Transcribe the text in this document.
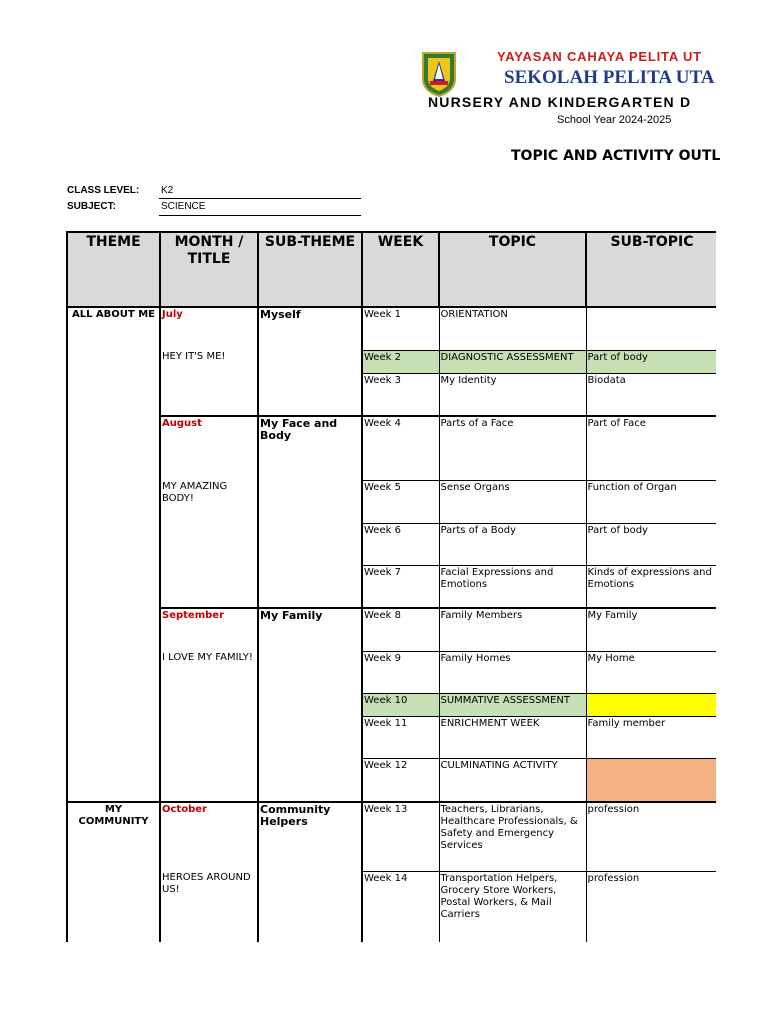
YAYASAN CAHAYA PELITA UT
SEKOLAH PELITA UTA
NURSERY AND KINDERGARTEN D
School Year 2024-2025
TOPIC AND ACTIVITY OUTL
CLASS LEVEL: K2
SUBJECT:	SCIENCE
THEME	MONTH / TITLE	SUB-THEME	WEEK	TOPIC	SUB-TOPIC
ALL ABOUT ME	July	Myself	Week 1	ORIENTATION	
	HEY IT'S ME!		Week 2	DIAGNOSTIC ASSESSMENT	Part of body
			Week 3	My Identity	Biodata
	August	My Face and Body	Week 4	Parts of a Face	Part of Face
	MY AMAZING BODY!		Week 5	Sense Organs	Function of Organ
			Week 6	Parts of a Body	Part of body
			Week 7	Facial Expressions and Emotions	Kinds of expressions and Emotions
	September	My Family	Week 8	Family Members	My Family
	I LOVE MY FAMILY!		Week 9	Family Homes	My Home
			Week 10	SUMMATIVE ASSESSMENT	
			Week 11	ENRICHMENT WEEK	Family member
			Week 12	CULMINATING ACTIVITY	
MY COMMUNITY	October	Community Helpers	Week 13	Teachers, Librarians, Healthcare Professionals, & Safety and Emergency Services	profession
	HEROES AROUND US!		Week 14	Transportation Helpers, Grocery Store Workers, Postal Workers, & Mail Carriers	profession
